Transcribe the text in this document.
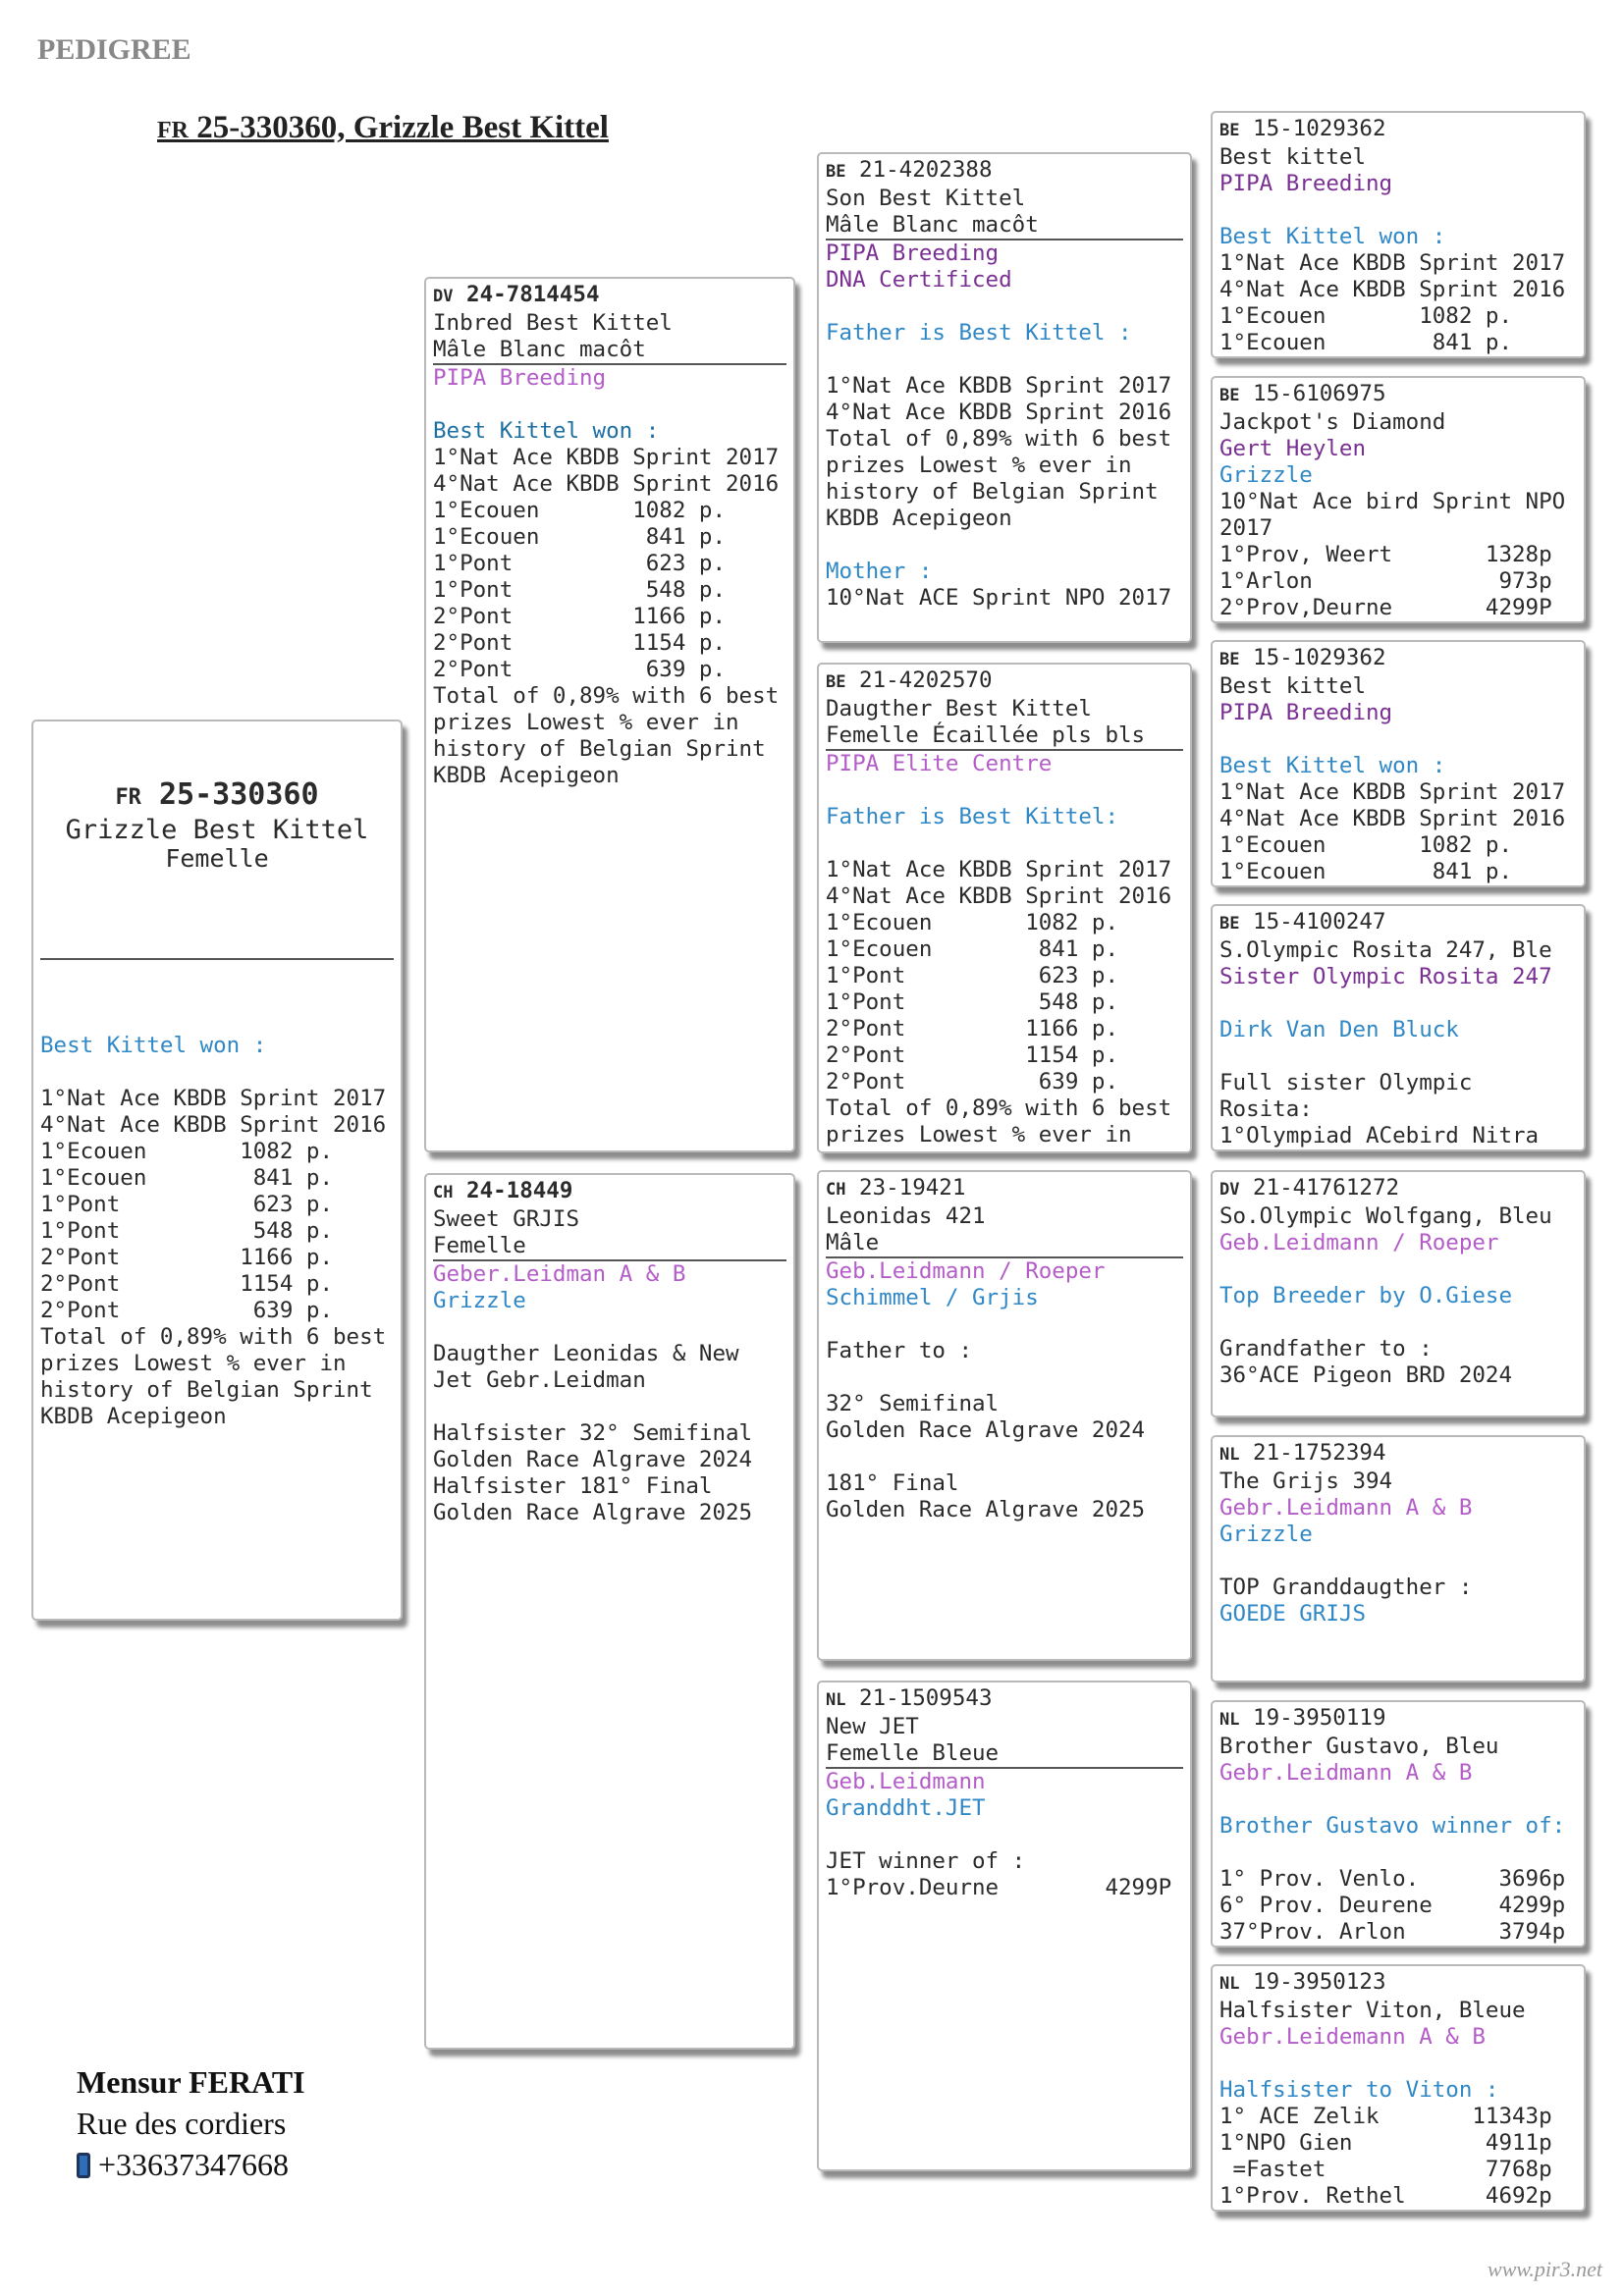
PEDIGREE
FR 25-330360, Grizzle Best Kittel

FR 25-330360
Grizzle Best Kittel
Femelle

Best Kittel won :
1°Nat Ace KBDB Sprint 2017
4°Nat Ace KBDB Sprint 2016
1°Ecouen       1082 p.
1°Ecouen        841 p.
1°Pont          623 p.
1°Pont          548 p.
2°Pont         1166 p.
2°Pont         1154 p.
2°Pont          639 p.
Total of 0,89% with 6 best
prizes Lowest % ever in
history of Belgian Sprint
KBDB Acepigeon

DV 24-7814454
Inbred Best Kittel
Mâle Blanc macôt
PIPA Breeding
Best Kittel won :
1°Nat Ace KBDB Sprint 2017
4°Nat Ace KBDB Sprint 2016
1°Ecouen       1082 p.
1°Ecouen        841 p.
1°Pont          623 p.
1°Pont          548 p.
2°Pont         1166 p.
2°Pont         1154 p.
2°Pont          639 p.
Total of 0,89% with 6 best
prizes Lowest % ever in
history of Belgian Sprint
KBDB Acepigeon
CH 24-18449
Sweet GRJIS
Femelle
Geber.Leidman A & B
Grizzle
Daugther Leonidas & New
Jet Gebr.Leidman
Halfsister 32° Semifinal
Golden Race Algrave 2024
Halfsister 181° Final
Golden Race Algrave 2025
BE 21-4202388
Son Best Kittel
Mâle Blanc macôt
PIPA Breeding
DNA Certificed
Father is Best Kittel :
1°Nat Ace KBDB Sprint 2017
4°Nat Ace KBDB Sprint 2016
Total of 0,89% with 6 best
prizes Lowest % ever in
history of Belgian Sprint
KBDB Acepigeon
Mother :
10°Nat ACE Sprint NPO 2017
BE 21-4202570
Daugther Best Kittel
Femelle Écaillée pls bls
PIPA Elite Centre
Father is Best Kittel:
1°Nat Ace KBDB Sprint 2017
4°Nat Ace KBDB Sprint 2016
1°Ecouen       1082 p.
1°Ecouen        841 p.
1°Pont          623 p.
1°Pont          548 p.
2°Pont         1166 p.
2°Pont         1154 p.
2°Pont          639 p.
Total of 0,89% with 6 best
prizes Lowest % ever in
CH 23-19421
Leonidas 421
Mâle
Geb.Leidmann / Roeper
Schimmel / Grjis
Father to :
32° Semifinal
Golden Race Algrave 2024
181° Final
Golden Race Algrave 2025
NL 21-1509543
New JET
Femelle Bleue
Geb.Leidmann
Granddht.JET
JET winner of :
1°Prov.Deurne        4299P
BE 15-1029362
Best kittel
PIPA Breeding
Best Kittel won :
1°Nat Ace KBDB Sprint 2017
4°Nat Ace KBDB Sprint 2016
1°Ecouen       1082 p.
1°Ecouen        841 p.
BE 15-6106975
Jackpot's Diamond
Gert Heylen
Grizzle
10°Nat Ace bird Sprint NPO
2017
1°Prov, Weert       1328p
1°Arlon              973p
2°Prov,Deurne       4299P
BE 15-1029362
Best kittel
PIPA Breeding
Best Kittel won :
1°Nat Ace KBDB Sprint 2017
4°Nat Ace KBDB Sprint 2016
1°Ecouen       1082 p.
1°Ecouen        841 p.
BE 15-4100247
S.Olympic Rosita 247, Ble
Sister Olympic Rosita 247
Dirk Van Den Bluck
Full sister Olympic
Rosita:
1°Olympiad ACebird Nitra
DV 21-41761272
So.Olympic Wolfgang, Bleu
Geb.Leidmann / Roeper
Top Breeder by O.Giese
Grandfather to :
36°ACE Pigeon BRD 2024
NL 21-1752394
The Grijs 394
Gebr.Leidmann A & B
Grizzle
TOP Granddaugther :
GOEDE GRIJS
NL 19-3950119
Brother Gustavo, Bleu
Gebr.Leidmann A & B
Brother Gustavo winner of:
1° Prov. Venlo.      3696p
6° Prov. Deurene     4299p
37°Prov. Arlon       3794p
NL 19-3950123
Halfsister Viton, Bleue
Gebr.Leidemann A & B
Halfsister to Viton :
1° ACE Zelik       11343p
1°NPO Gien          4911p
=Fastet            7768p
1°Prov. Rethel      4692p
Mensur FERATI
Rue des cordiers
+33637347668
www.pir3.net
